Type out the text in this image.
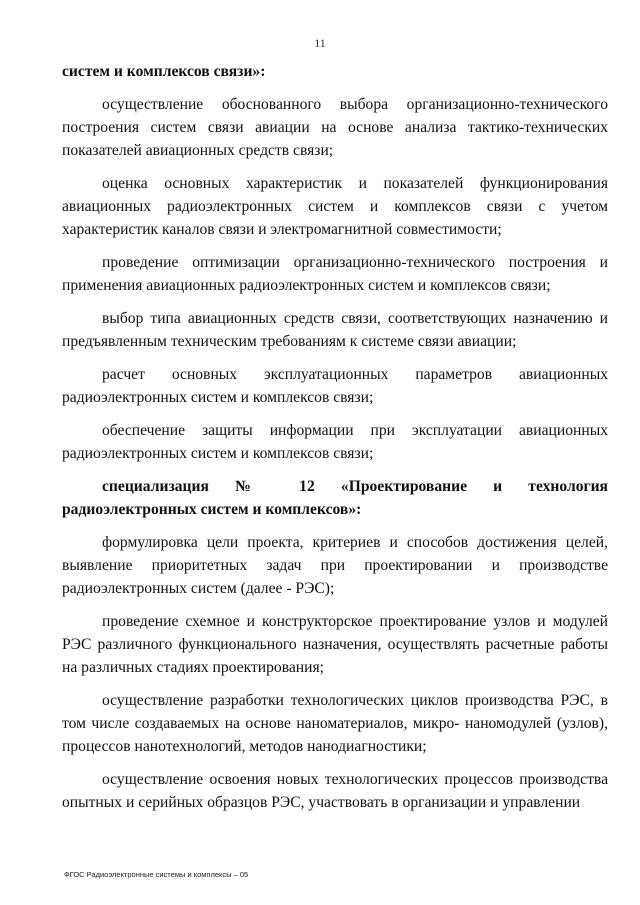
11

систем и комплексов связи»:

осуществление обоснованного выбора организационно-технического построения систем связи авиации на основе анализа тактико-технических показателей авиационных средств связи;

оценка основных характеристик и показателей функционирования авиационных радиоэлектронных систем и комплексов связи с учетом характеристик каналов связи и электромагнитной совместимости;

проведение оптимизации организационно-технического построения и применения авиационных радиоэлектронных систем и комплексов связи;

выбор типа авиационных средств связи, соответствующих назначению и предъявленным техническим требованиям к системе связи авиации;

расчет основных эксплуатационных параметров авиационных радиоэлектронных систем и комплексов связи;

обеспечение защиты информации при эксплуатации авиационных радиоэлектронных систем и комплексов связи;

специализация № 12 «Проектирование и технология радиоэлектронных систем и комплексов»:

формулировка цели проекта, критериев и способов достижения целей, выявление приоритетных задач при проектировании и производстве радиоэлектронных систем (далее - РЭС);

проведение схемное и конструкторское проектирование узлов и модулей РЭС различного функционального назначения, осуществлять расчетные работы на различных стадиях проектирования;

осуществление разработки технологических циклов производства РЭС, в том числе создаваемых на основе наноматериалов, микро- наномодулей (узлов), процессов нанотехнологий, методов нанодиагностики;

осуществление освоения новых технологических процессов производства опытных и серийных образцов РЭС, участвовать в организации и управлении

ФГОС Радиоэлектронные системы и комплексы – 05
